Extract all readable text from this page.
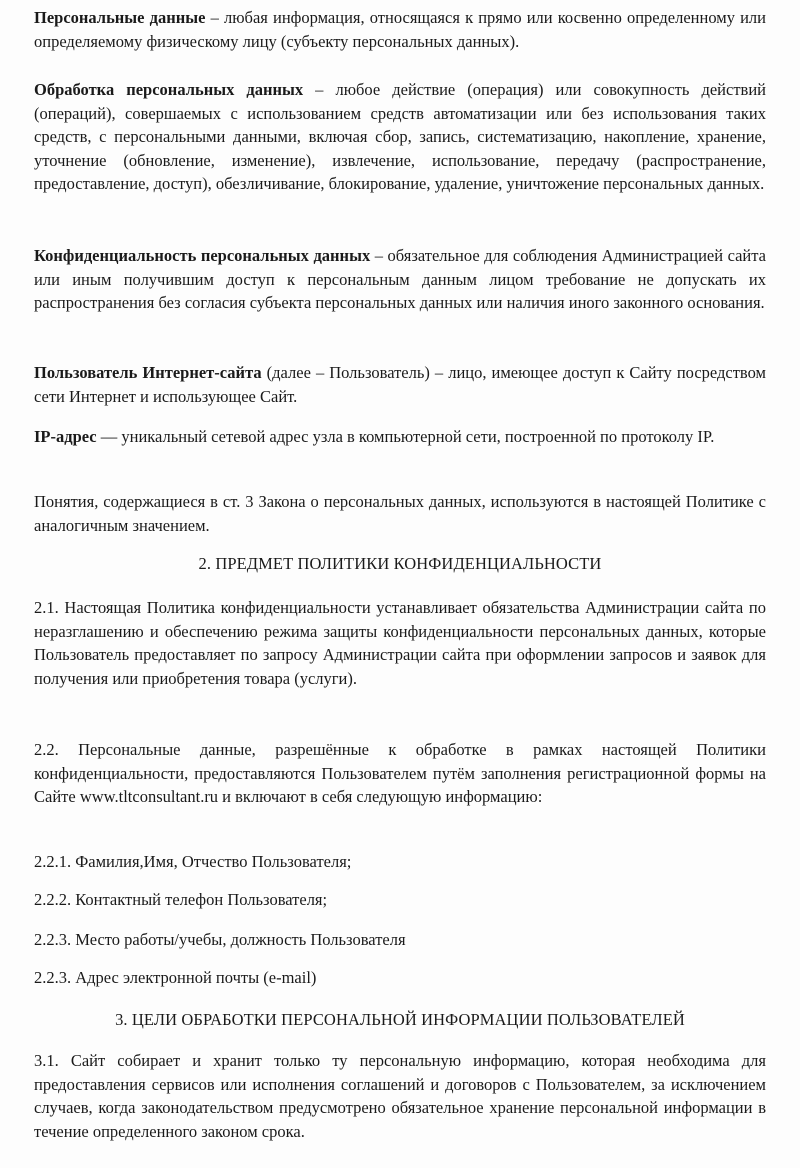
Персональные данные – любая информация, относящаяся к прямо или косвенно определенному или определяемому физическому лицу (субъекту персональных данных).

Обработка персональных данных – любое действие (операция) или совокупность действий (операций), совершаемых с использованием средств автоматизации или без использования таких средств, с персональными данными, включая сбор, запись, систематизацию, накопление, хранение, уточнение (обновление, изменение), извлечение, использование, передачу (распространение, предоставление, доступ), обезличивание, блокирование, удаление, уничтожение персональных данных.

Конфиденциальность персональных данных – обязательное для соблюдения Администрацией сайта или иным получившим доступ к персональным данным лицом требование не допускать их распространения без согласия субъекта персональных данных или наличия иного законного основания.

Пользователь Интернет-сайта (далее – Пользователь) – лицо, имеющее доступ к Сайту посредством сети Интернет и использующее Сайт.

IP-адрес — уникальный сетевой адрес узла в компьютерной сети, построенной по протоколу IP.

Понятия, содержащиеся в ст. 3 Закона о персональных данных, используются в настоящей Политике с аналогичным значением.

2. ПРЕДМЕТ ПОЛИТИКИ КОНФИДЕНЦИАЛЬНОСТИ

2.1. Настоящая Политика конфиденциальности устанавливает обязательства Администрации сайта по неразглашению и обеспечению режима защиты конфиденциальности персональных данных, которые Пользователь предоставляет по запросу Администрации сайта при оформлении запросов и заявок для получения или приобретения товара (услуги).

2.2. Персональные данные, разрешённые к обработке в рамках настоящей Политики конфиденциальности, предоставляются Пользователем путём заполнения регистрационной формы на Сайте www.tltconsultant.ru и включают в себя следующую информацию:

2.2.1. Фамилия,Имя, Отчество Пользователя;

2.2.2. Контактный телефон Пользователя;

2.2.3. Место работы/учебы, должность Пользователя

2.2.3. Адрес электронной почты (e-mail)

3. ЦЕЛИ ОБРАБОТКИ ПЕРСОНАЛЬНОЙ ИНФОРМАЦИИ ПОЛЬЗОВАТЕЛЕЙ

3.1. Сайт собирает и хранит только ту персональную информацию, которая необходима для предоставления сервисов или исполнения соглашений и договоров с Пользователем, за исключением случаев, когда законодательством предусмотрено обязательное хранение персональной информации в течение определенного законом срока.
